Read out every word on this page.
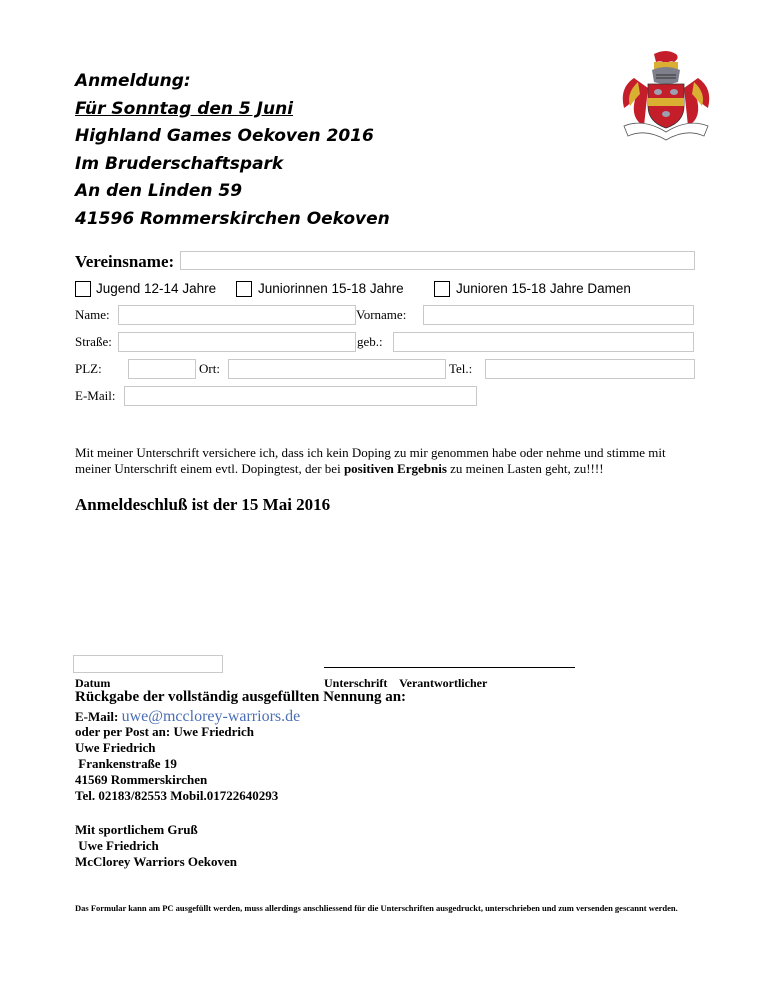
Anmeldung:
Für Sonntag den 5 Juni
Highland Games Oekoven 2016
Im Bruderschaftspark
An den Linden 59
41596 Rommerskirchen Oekoven
Vereinsname:
Jugend 12-14 Jahre	Juniorinnen 15-18 Jahre	Junioren 15-18 Jahre Damen
Name:	Vorname:
Straße:	geb.:
PLZ:	Ort:	Tel.:
E-Mail:
Mit meiner Unterschrift versichere ich, dass ich kein Doping zu mir genommen habe oder nehme und stimme mit meiner Unterschrift einem evtl. Dopingtest, der bei positiven Ergebnis zu meinen Lasten geht, zu!!!!
Anmeldeschluß ist der 15 Mai 2016
Datum	Unterschrift    Verantwortlicher
Rückgabe der vollständig ausgefüllten Nennung an:
E-Mail: uwe@mcclorey-warriors.de
oder per Post an: Uwe Friedrich
Uwe Friedrich
Frankenstraße 19
41569 Rommerskirchen
Tel. 02183/82553 Mobil.01722640293
Mit sportlichem Gruß
Uwe Friedrich
McClorey Warriors Oekoven
Das Formular kann am PC ausgefüllt werden, muss allerdings anschliessend für die Unterschriften ausgedruckt, unterschrieben und zum versenden gescannt werden.
